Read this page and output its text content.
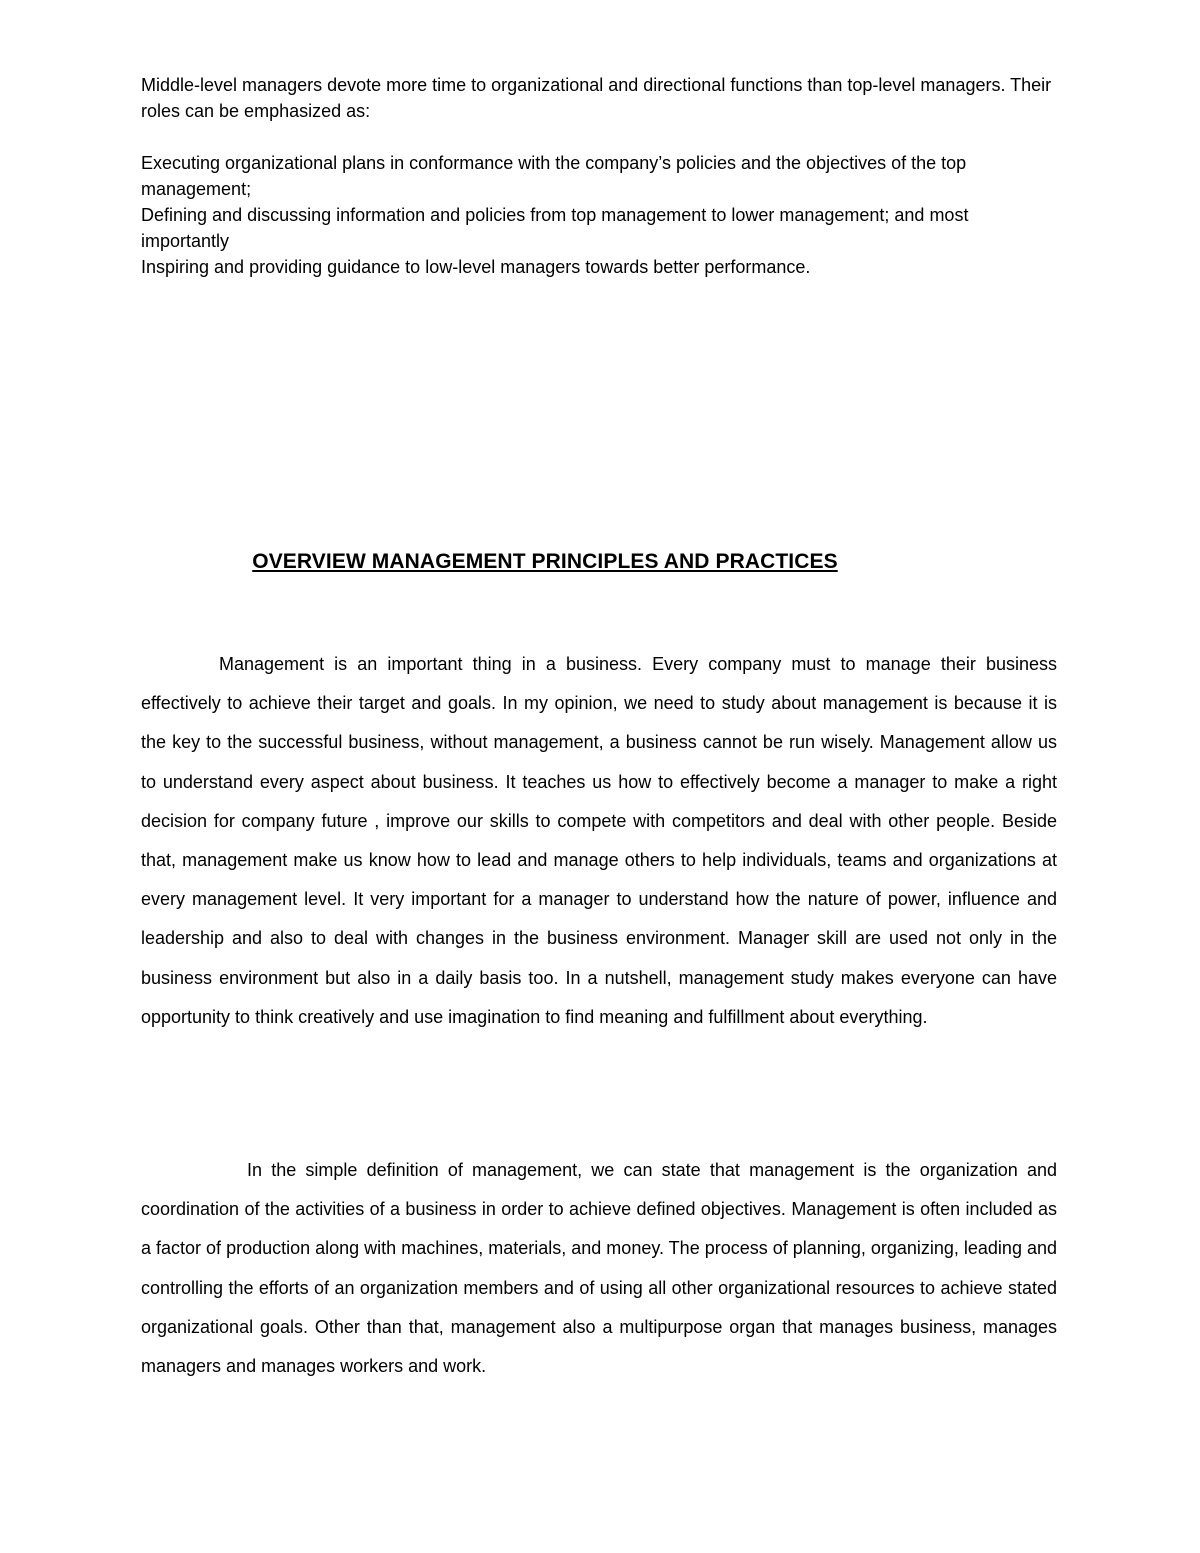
Middle-level managers devote more time to organizational and directional functions than top-level managers. Their roles can be emphasized as:

Executing organizational plans in conformance with the company’s policies and the objectives of the top management;

Defining and discussing information and policies from top management to lower management; and most importantly

Inspiring and providing guidance to low-level managers towards better performance.

OVERVIEW MANAGEMENT PRINCIPLES AND PRACTICES

Management is an important thing in a business. Every company must to manage their business effectively to achieve their target and goals. In my opinion, we need to study about management is because it is the key to the successful business, without management, a business cannot be run wisely. Management allow us to understand every aspect about business. It teaches us how to effectively become a manager to make a right decision for company future , improve our skills to compete with competitors and deal with other people. Beside that, management make us know how to lead and manage others to help individuals, teams and organizations at every management level. It very important for a manager to understand how the nature of power, influence and leadership and also to deal with changes in the business environment. Manager skill are used not only in the business environment but also in a daily basis too. In a nutshell, management study makes everyone can have opportunity to think creatively and use imagination to find meaning and fulfillment about everything.

In the simple definition of management, we can state that management is the organization and coordination of the activities of a business in order to achieve defined objectives. Management is often included as a factor of production along with machines, materials, and money. The process of planning, organizing, leading and controlling the efforts of an organization members and of using all other organizational resources to achieve stated organizational goals. Other than that, management also a multipurpose organ that manages business, manages managers and manages workers and work.
